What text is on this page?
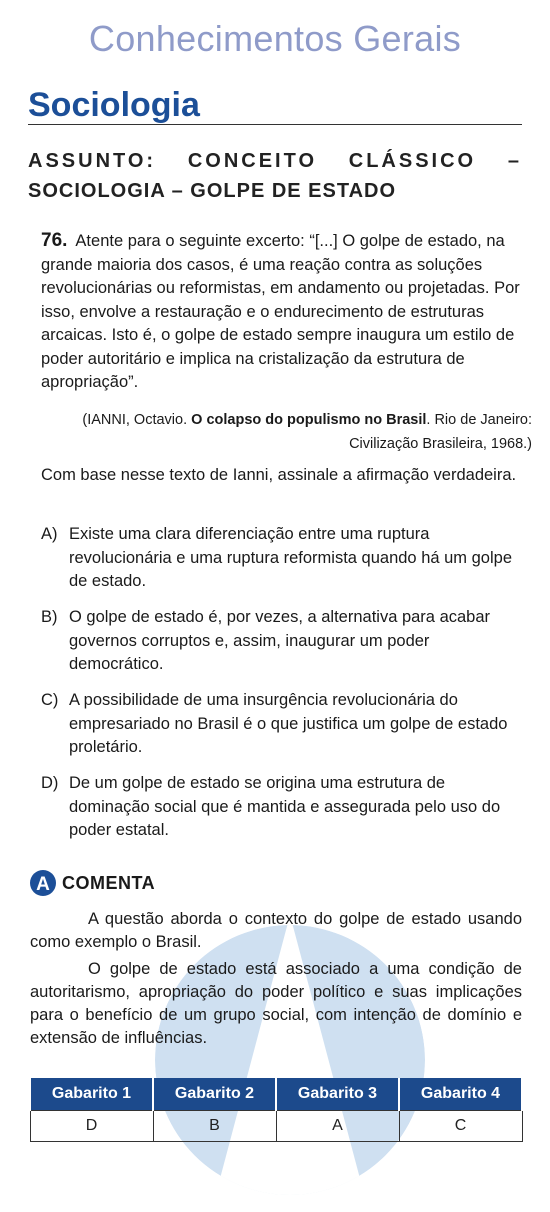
Conhecimentos Gerais
Sociologia
ASSUNTO: CONCEITO CLÁSSICO –
SOCIOLOGIA – GOLPE DE ESTADO
76. Atente para o seguinte excerto: “[...] O golpe de estado, na grande maioria dos casos, é uma reação contra as soluções revolucionárias ou reformistas, em andamento ou projetadas. Por isso, envolve a restauração e o endurecimento de estruturas arcaicas. Isto é, o golpe de estado sempre inaugura um estilo de poder autoritário e implica na cristalização da estrutura de apropriação”.
(IANNI, Octavio. O colapso do populismo no Brasil. Rio de Janeiro: Civilização Brasileira, 1968.)
Com base nesse texto de Ianni, assinale a afirmação verdadeira.
A) Existe uma clara diferenciação entre uma ruptura revolucionária e uma ruptura reformista quando há um golpe de estado.
B) O golpe de estado é, por vezes, a alternativa para acabar governos corruptos e, assim, inaugurar um poder democrático.
C) A possibilidade de uma insurgência revolucionária do empresariado no Brasil é o que justifica um golpe de estado proletário.
D) De um golpe de estado se origina uma estrutura de dominação social que é mantida e assegurada pelo uso do poder estatal.
A COMENTA
A questão aborda o contexto do golpe de estado usando como exemplo o Brasil.
O golpe de estado está associado a uma condição de autoritarismo, apropriação do poder político e suas implicações para o benefício de um grupo social, com intenção de domínio e extensão de influências.
Gabarito 1	Gabarito 2	Gabarito 3	Gabarito 4
D	B	A	C
